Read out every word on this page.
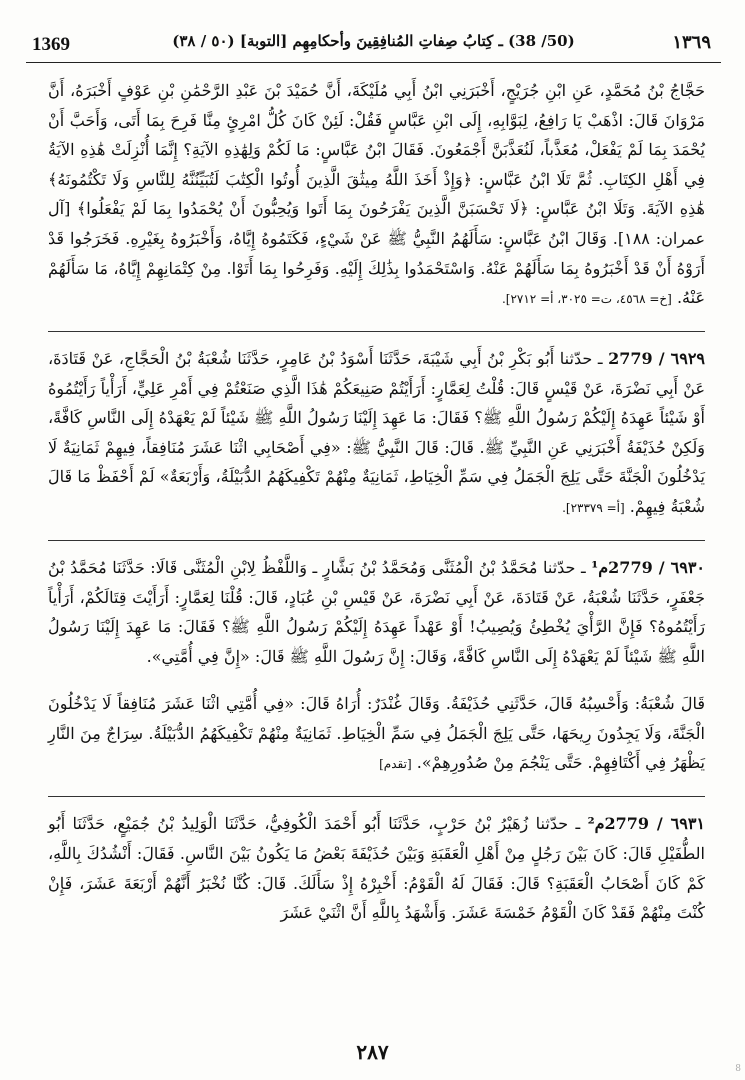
1369	(50/ 38) ـ كِتابُ صِفاتِ المُنافِقِينَ وأحكامِهِم [التوبة] (٥٠ / ٣٨)	١٣٦٩

حَجَّاجُ بْنُ مُحَمَّدٍ، عَنِ ابْنِ جُرَيْجٍ، أَخْبَرَنِي ابْنُ أَبِي مُلَيْكَةَ، أَنَّ حُمَيْدَ بْنَ عَبْدِ الرَّحْمَٰنِ بْنِ عَوْفٍ أَخْبَرَهُ، أَنَّ مَرْوَانَ قَالَ: اذْهَبْ يَا رَافِعُ، لِبَوَّابِهِ، إِلَى ابْنِ عَبَّاسٍ فَقُلْ: لَئِنْ كَانَ كُلُّ امْرِئٍ مِنَّا فَرِحَ بِمَا أَتَى، وَأَحَبَّ أَنْ يُحْمَدَ بِمَا لَمْ يَفْعَلْ، مُعَذَّباً، لَنُعَذَّبَنَّ أَجْمَعُونَ. فَقَالَ ابْنُ عَبَّاسٍ: مَا لَكُمْ وَلِهَٰذِهِ الآيَةِ؟ إِنَّمَا أُنْزِلَتْ هَٰذِهِ الآيَةُ فِي أَهْلِ الكِتَابِ. ثُمَّ تَلَا ابْنُ عَبَّاسٍ: ﴿وَإِذْ أَخَذَ اللَّهُ مِيثَٰقَ الَّذِينَ أُوتُوا الْكِتَٰبَ لَتُبَيِّنُنَّهُ لِلنَّاسِ وَلَا تَكْتُمُونَهُ﴾ هَٰذِهِ الآيَةَ. وَتَلَا ابْنُ عَبَّاسٍ: ﴿لَا تَحْسَبَنَّ الَّذِينَ يَفْرَحُونَ بِمَا أَتَوا وَيُحِبُّونَ أَنْ يُحْمَدُوا بِمَا لَمْ يَفْعَلُوا﴾ [آل عمران: ١٨٨]. وَقَالَ ابْنُ عَبَّاسٍ: سَأَلَهُمُ النَّبِيُّ ﷺ عَنْ شَيْءٍ، فَكَتَمُوهُ إِيَّاهُ، وَأَخْبَرُوهُ بِغَيْرِهِ. فَخَرَجُوا قَدْ أَرَوْهُ أَنْ قَدْ أَخْبَرُوهُ بِمَا سَأَلَهُمْ عَنْهُ. وَاسْتَحْمَدُوا بِذَٰلِكَ إِلَيْهِ. وَفَرِحُوا بِمَا أَتَوْا. مِنْ كِتْمَانِهِمْ إِيَّاهُ، مَا سَأَلَهُمْ عَنْهُ. [خ= ٤٥٦٨، ت= ٣٠٢٥، أ= ٢٧١٢].

٦٩٢٩ / 2779 ـ حدّثنا أَبُو بَكْرِ بْنُ أَبِي شَيْبَةَ، حَدَّثَنَا أَسْوَدُ بْنُ عَامِرٍ، حَدَّثَنَا شُعْبَةُ بْنُ الْحَجَّاجِ، عَنْ قَتَادَةَ، عَنْ أَبِي نَضْرَةَ، عَنْ قَيْسٍ قَالَ: قُلْتُ لِعَمَّارٍ: أَرَأَيْتُمْ صَنِيعَكُمْ هَٰذَا الَّذِي صَنَعْتُمْ فِي أَمْرِ عَلِيٍّ، أَرَأْياً رَأَيْتُمُوهُ أَوْ شَيْئاً عَهِدَهُ إِلَيْكُمْ رَسُولُ اللَّهِ ﷺ؟ فَقَالَ: مَا عَهِدَ إِلَيْنَا رَسُولُ اللَّهِ ﷺ شَيْئاً لَمْ يَعْهَدْهُ إِلَى النَّاسِ كَافَّةً، وَلَكِنْ حُذَيْفَةُ أَخْبَرَنِي عَنِ النَّبِيِّ ﷺ. قَالَ: قَالَ النَّبِيُّ ﷺ: «فِي أَصْحَابِي اثْنَا عَشَرَ مُنَافِقاً، فِيهِمْ ثَمَانِيَةٌ لَا يَدْخُلُونَ الْجَنَّةَ حَتَّى يَلِجَ الْجَمَلُ فِي سَمِّ الْخِيَاطِ، ثَمَانِيَةٌ مِنْهُمْ تَكْفِيكَهُمُ الدُّبَيْلَةُ، وَأَرْبَعَةٌ» لَمْ أَحْفَظْ مَا قَالَ شُعْبَةُ فِيهِمْ. [أ= ٢٣٣٧٩].

٦٩٣٠ / 2779م¹ ـ حدّثنا مُحَمَّدُ بْنُ الْمُثَنَّى وَمُحَمَّدُ بْنُ بَشَّارٍ ـ وَاللَّفْظُ لِابْنِ الْمُثَنَّى قَالَا: حَدَّثَنَا مُحَمَّدُ بْنُ جَعْفَرٍ، حَدَّثَنَا شُعْبَةُ، عَنْ قَتَادَةَ، عَنْ أَبِي نَضْرَةَ، عَنْ قَيْسِ بْنِ عُبَادٍ، قَالَ: قُلْنَا لِعَمَّارٍ: أَرَأَيْتَ قِتَالَكُمْ، أَرَأْياً رَأَيْتُمُوهُ؟ فَإِنَّ الرَّأْيَ يُخْطِئُ وَيُصِيبُ! أَوْ عَهْداً عَهِدَهُ إِلَيْكُمْ رَسُولُ اللَّهِ ﷺ؟ فَقَالَ: مَا عَهِدَ إِلَيْنَا رَسُولُ اللَّهِ ﷺ شَيْئاً لَمْ يَعْهَدْهُ إِلَى النَّاسِ كَافَّةً، وَقَالَ: إِنَّ رَسُولَ اللَّهِ ﷺ قَالَ: «إِنَّ فِي أُمَّتِي».

قَالَ شُعْبَةُ: وَأَحْسِبُهُ قَالَ، حَدَّثَنِي حُذَيْفَةُ. وَقَالَ غُنْدَرٌ: أُرَاهُ قَالَ: «فِي أُمَّتِي اثْنَا عَشَرَ مُنَافِقاً لَا يَدْخُلُونَ الْجَنَّةَ، وَلَا يَجِدُونَ رِيحَهَا، حَتَّى يَلِجَ الْجَمَلُ فِي سَمِّ الْخِيَاطِ. ثَمَانِيَةٌ مِنْهُمْ تَكْفِيكَهُمُ الدُّبَيْلَةُ. سِرَاجٌ مِنَ النَّارِ يَظْهَرُ فِي أَكْتَافِهِمْ. حَتَّى يَنْجُمَ مِنْ صُدُورِهِمْ». [تقدم]

٦٩٣١ / 2779م² ـ حدّثنا زُهَيْرُ بْنُ حَرْبٍ، حَدَّثَنَا أَبُو أَحْمَدَ الْكُوفِيُّ، حَدَّثَنَا الْوَلِيدُ بْنُ جُمَيْعٍ، حَدَّثَنَا أَبُو الطُّفَيْلِ قَالَ: كَانَ بَيْنَ رَجُلٍ مِنْ أَهْلِ الْعَقَبَةِ وَبَيْنَ حُذَيْفَةَ بَعْضُ مَا يَكُونُ بَيْنَ النَّاسِ. فَقَالَ: أَنْشُدُكَ بِاللَّهِ، كَمْ كَانَ أَصْحَابُ الْعَقَبَةِ؟ قَالَ: فَقَالَ لَهُ الْقَوْمُ: أَخْبِرْهُ إِذْ سَأَلَكَ. قَالَ: كُنَّا نُخْبَرُ أَنَّهُمْ أَرْبَعَةَ عَشَرَ، فَإِنْ كُنْتَ مِنْهُمْ فَقَدْ كَانَ الْقَوْمُ خَمْسَةَ عَشَرَ. وَأَشْهَدُ بِاللَّهِ أَنَّ اثْنَيْ عَشَرَ

٢٨٧
8
